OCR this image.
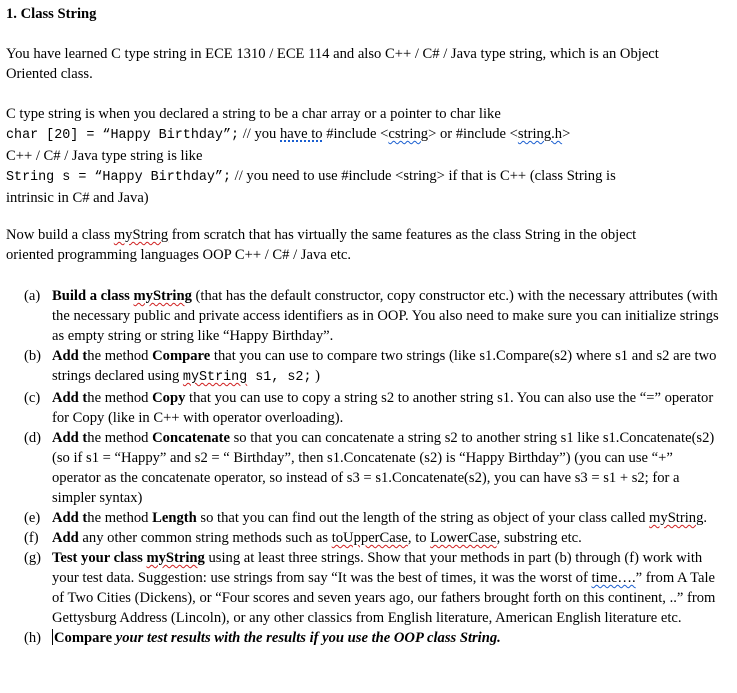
1. Class String
You have learned C type string in ECE 1310 / ECE 114 and also C++ / C# / Java type string, which is an Object
Oriented class.
C type string is when you declared a string to be a char array or a pointer to char like
char [20] = “Happy Birthday”; // you have to #include <cstring> or #include <string.h>
C++ / C# / Java type string is like
String s = “Happy Birthday”; // you need to use #include <string> if that is C++ (class String is
intrinsic in C# and Java)
Now build a class myString from scratch that has virtually the same features as the class String in the object
oriented programming languages OOP C++ / C# / Java etc.
(a) Build a class myString (that has the default constructor, copy constructor etc.) with the necessary attributes (with the necessary public and private access identifiers as in OOP. You also need to make sure you can initialize strings as empty string or string like “Happy Birthday”.
(b) Add the method Compare that you can use to compare two strings (like s1.Compare(s2) where s1 and s2 are two strings declared using myString s1, s2; )
(c) Add the method Copy that you can use to copy a string s2 to another string s1. You can also use the “=” operator for Copy (like in C++ with operator overloading).
(d) Add the method Concatenate so that you can concatenate a string s2 to another string s1 like s1.Concatenate(s2) (so if s1 = “Happy” and s2 = “ Birthday”, then s1.Concatenate (s2) is “Happy Birthday”) (you can use “+” operator as the concatenate operator, so instead of s3 = s1.Concatenate(s2), you can have s3 = s1 + s2; for a simpler syntax)
(e) Add the method Length so that you can find out the length of the string as object of your class called myString.
(f) Add any other common string methods such as toUpperCase, to LowerCase, substring etc.
(g) Test your class myString using at least three strings. Show that your methods in part (b) through (f) work with your test data. Suggestion: use strings from say “It was the best of times, it was the worst of time….” from A Tale of Two Cities (Dickens), or “Four scores and seven years ago, our fathers brought forth on this continent, ..” from Gettysburg Address (Lincoln), or any other classics from English literature, American English literature etc.
(h) Compare your test results with the results if you use the OOP class String.
